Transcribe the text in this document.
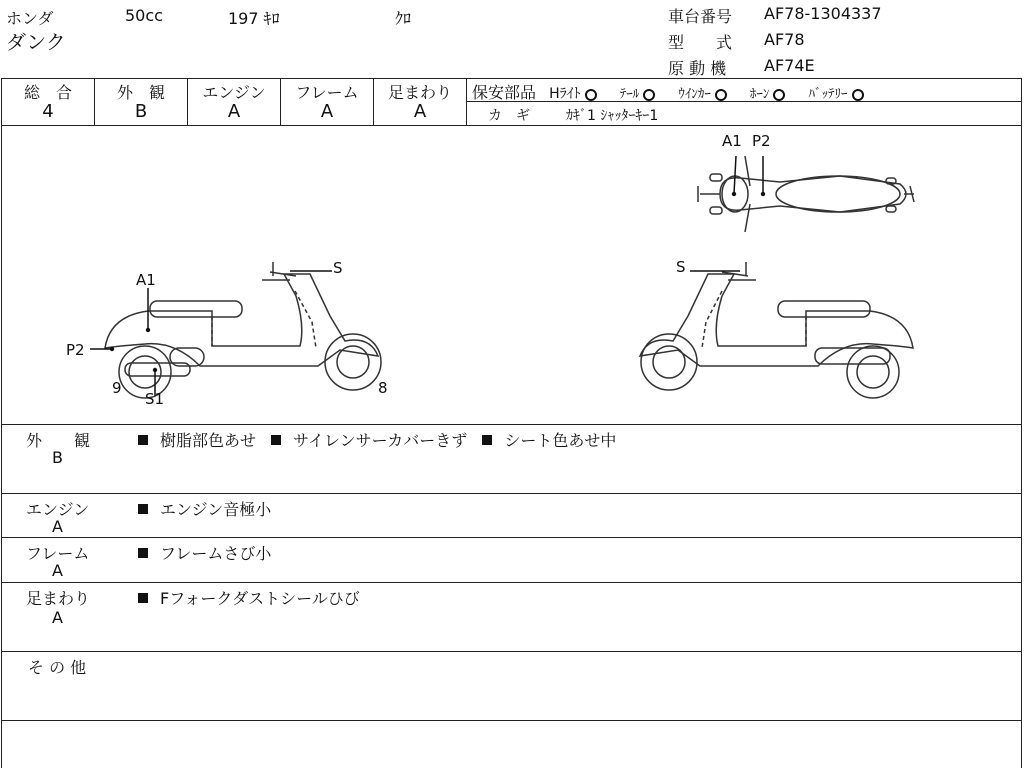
ホンダ	50cc	197 ｷﾛ	ｸﾛ
ダンク
車台番号 AF78-1304337
型　　式 AF78
原 動 機 AF74E
総　合	外　観	エンジン	フレーム	足まわり
4	B	A	A	A
保安部品 Hﾗｲﾄ	ﾃｰﾙ	ｳｲﾝｶｰ	ﾎｰﾝ	ﾊﾞｯﾃﾘｰ
カ　ギ	ｶｷﾞ1 ｼｬｯﾀｰｷｰ1
A1 P2
A1
P2
S
9
S1
8
S
外　　観
B
樹脂部色あせ サイレンサーカバーきず シート色あせ中
エンジン
A
エンジン音極小
フレーム
A
フレームさび小
足まわり
A
Fフォークダストシールひび
そ の 他
